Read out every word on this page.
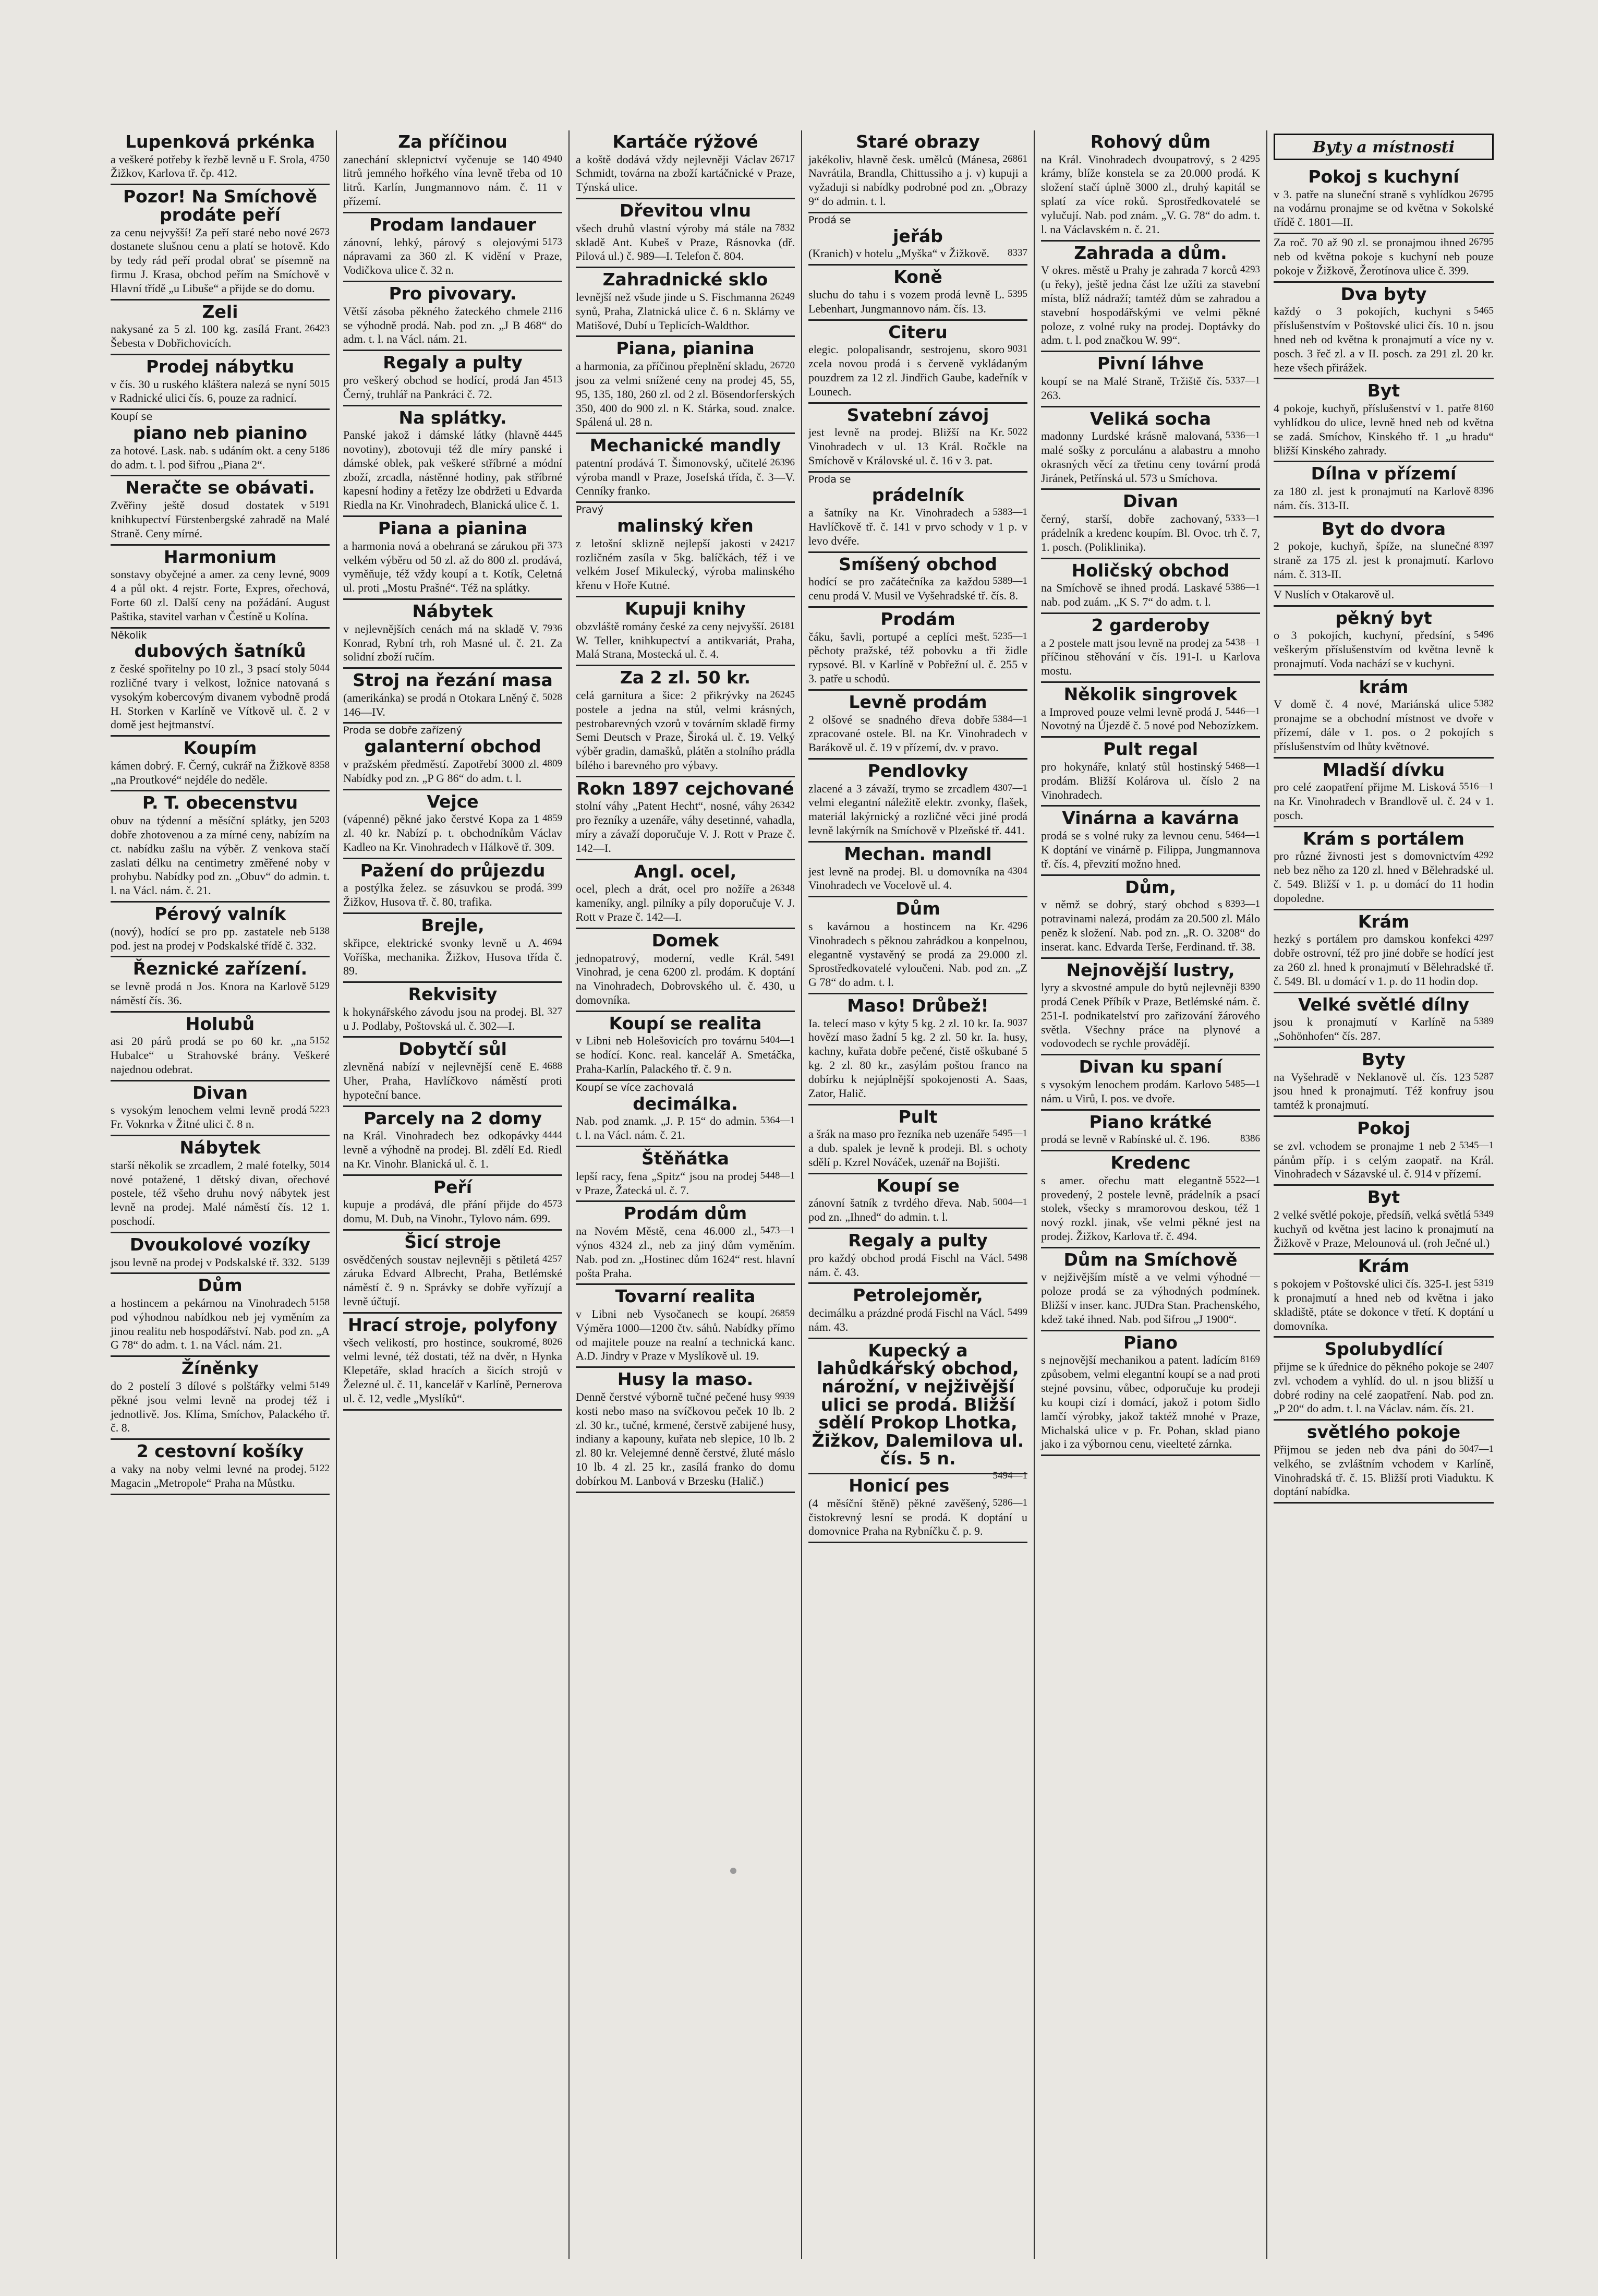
Lupenková prkénka
4750
a veškeré potřeby k řezbě levně u F. Srola, Žižkov, Karlova tř. čp. 412.
Pozor! Na Smíchově prodáte peří
2673
za cenu nejvyšší! Za peří staré nebo nové dostanete slušnou cenu a platí se hotově. Kdo by tedy rád peří prodal obrať se písemně na firmu J. Krasa, obchod peřím na Smíchově v Hlavní třídě „u Libuše“ a přijde se do domu.
Zeli
26423
nakysané za 5 zl. 100 kg. zasílá Frant. Šebesta v Dobřichovicích.
Prodej nábytku
5015
v čís. 30 u ruského kláštera nalezá se nyní v Radnické ulici čís. 6, pouze za radnicí.
Koupí se
piano neb pianino
5186
za hotové. Lask. nab. s udáním okt. a ceny do adm. t. l. pod šifrou „Piana 2“.
Neračte se obávati.
5191
Zvěřiny ještě dosud dostatek v knihkupectví Fürstenbergské zahradě na Malé Straně. Ceny mírné.
Harmonium
9009
sonstavy obyčejné a amer. za ceny levné, 4 a půl okt. 4 rejstr. Forte, Expres, ořechová, Forte 60 zl. Další ceny na požádání. August Paštika, stavitel varhan v Čestíně u Kolína.
Několik
dubových šatníků
5044
z české spořitelny po 10 zl., 3 psací stoly rozličné tvary i velkost, ložnice natovaná s vysokým kobercovým divanem vybodně prodá H. Storken v Karlíně ve Vítkově ul. č. 2 v domě jest hejtmanství.
Koupím
8358
kámen dobrý. F. Černý, cukrář na Žižkově „na Proutkové“ nejdéle do neděle.
P. T. obecenstvu
5203
obuv na týdenní a měsíční splátky, jen dobře zhotovenou a za mírné ceny, nabízím na ct. nabídku zašlu na výběr. Z venkova stačí zaslati délku na centimetry změřené noby v prohybu. Nabídky pod zn. „Obuv“ do admin. t. l. na Václ. nám. č. 21.
Pérový valník
5138
(nový), hodící se pro pp. zastatele neb pod. jest na prodej v Podskalské třídě č. 332.
Řeznické zařízení.
5129
se levně prodá n Jos. Knora na Karlově náměstí čís. 36.
Holubů
5152
asi 20 párů prodá se po 60 kr. „na Hubalce“ u Strahovské brány. Veškeré najednou odebrat.
Divan
5223
s vysokým lenochem velmi levně prodá Fr. Voknrka v Žitné ulici č. 8 n.
Nábytek
5014
starší několik se zrcadlem, 2 malé fotelky, nové potažené, 1 dětský divan, ořechové postele, též všeho druhu nový nábytek jest levně na prodej. Malé náměstí čís. 12 1. poschodí.
Dvoukolové vozíky
5139
jsou levně na prodej v Podskalské tř. 332.
Dům
5158
a hostincem a pekárnou na Vinohradech pod výhodnou nabídkou neb jej vyměním za jinou realitu neb hospodářství. Nab. pod zn. „A G 78“ do adm. t. 1. na Václ. nám. 21.
Žíněnky
5149
do 2 postelí 3 dílové s polštářky velmi pěkné jsou velmi levně na prodej též i jednotlivě. Jos. Klíma, Smíchov, Palackého tř. č. 8.
2 cestovní košíky
5122
a vaky na noby velmi levné na prodej. Magacin „Metropole“ Praha na Můstku.
Za příčinou
4940
zanechání sklepnictví vyčenuje se 140 litrů jemného hořkého vína levně třeba od 10 litrů. Karlín, Jungmannovo nám. č. 11 v přízemí.
Prodam landauer
5173
zánovní, lehký, párový s olejovými nápravami za 360 zl. K vidění v Praze, Vodičkova ulice č. 32 n.
Pro pivovary.
2116
Větší zásoba pěkného žateckého chmele se výhodně prodá. Nab. pod zn. „J B 468“ do adm. t. l. na Václ. nám. 21.
Regaly a pulty
4513
pro veškerý obchod se hodící, prodá Jan Černý, truhlář na Pankráci č. 72.
Na splátky.
4445
Panské jakož i dámské látky (hlavně novotiny), zbotovuji též dle míry panské i dámské oblek, pak veškeré stříbrné a módní zboží, zrcadla, nástěnné hodiny, pak stříbrné kapesní hodiny a řetězy lze obdržeti u Edvarda Riedla na Kr. Vinohradech, Blanická ulice č. 1.
Piana a pianina
373
a harmonia nová a obehraná se zárukou při velkém výběru od 50 zl. až do 800 zl. prodává, vyměňuje, též vždy koupí a t. Kotík, Celetná ul. proti „Mostu Prašné“. Též na splátky.
Nábytek
7936
v nejlevnějších cenách má na skladě V. Konrad, Rybní trh, roh Masné ul. č. 21. Za solidní zboží ručím.
Stroj na řezání masa
5028
(amerikánka) se prodá n Otokara Lněný č. 146—IV.
Proda se dobře zařízený
galanterní obchod
4809
v pražském předměstí. Zapotřebí 3000 zl. Nabídky pod zn. „P G 86“ do adm. t. l.
Vejce
4859
(vápenné) pěkné jako čerstvé Kopa za 1 zl. 40 kr. Nabízí p. t. obchodníkům Václav Kadleo na Kr. Vinohradech v Hálkově tř. 309.
Pažení do průjezdu
399
a postýlka želez. se zásuvkou se prodá. Žižkov, Husova tř. č. 80, trafika.
Brejle,
4694
skřipce, elektrické svonky levně u A. Voříška, mechanika. Žižkov, Husova třída č. 89.
Rekvisity
327
k hokynářského závodu jsou na prodej. Bl. u J. Podlaby, Poštovská ul. č. 302—I.
Dobytčí sůl
4688
zlevněná nabízí v nejlevnější ceně E. Uher, Praha, Havlíčkovo náměstí proti hypoteční bance.
Parcely na 2 domy
4444
na Král. Vinohradech bez odkopávky levně a výhodně na prodej. Bl. zdělí Ed. Riedl na Kr. Vinohr. Blanická ul. č. 1.
Peří
4573
kupuje a prodává, dle přání přijde do domu, M. Dub, na Vinohr., Tylovo nám. 699.
Šicí stroje
4257
osvědčených soustav nejlevněji s pětiletá záruka Edvard Albrecht, Praha, Betlémské náměstí č. 9 n. Správky se dobře vyřízují a levně účtují.
Hrací stroje, polyfony
8026
všech velikostí, pro hostince, soukromé, velmi levné, též dostati, též na dvěr, n Hynka Klepetáře, sklad hracích a šicích strojů v Železné ul. č. 11, kancelář v Karlíně, Pernerova ul. č. 12, vedle „Myslíků“.
Kartáče rýžové
26717
a koště dodává vždy nejlevněji Václav Schmidt, továrna na zboží kartáčnické v Praze, Týnská ulice.
Dřevitou vlnu
7832
všech druhů vlastní výroby má stále na skladě Ant. Kubeš v Praze, Rásnovka (dř. Pilová ul.) č. 989—I. Telefon č. 804.
Zahradnické sklo
26249
levnější než všude jinde u S. Fischmanna synů, Praha, Zlatnická ulice č. 6 n. Sklárny ve Matišové, Dubí u Teplicích-Waldthor.
Piana, pianina
26720
a harmonia, za příčinou přeplnění skladu, jsou za velmi snížené ceny na prodej 45, 55, 95, 135, 180, 260 zl. od 2 zl. Bösendorferských 350, 400 do 900 zl. n K. Stárka, soud. znalce. Spálená ul. 28 n.
Mechanické mandly
26396
patentní prodává T. Šimonovský, učitelé výroba mandl v Praze, Josefská třída, č. 3—V. Cenníky franko.
Pravý
malinský křen
24217
z letošní sklizně nejlepší jakosti v rozličném zasíla v 5kg. balíčkách, též i ve velkém Josef Mikulecký, výroba malinského křenu v Hoře Kutné.
Kupuji knihy
26181
obzvláště romány české za ceny nejvyšší. W. Teller, knihkupectví a antikvariát, Praha, Malá Strana, Mostecká ul. č. 4.
Za 2 zl. 50 kr.
26245
celá garnitura a šice: 2 přikrývky na postele a jedna na stůl, velmi krásných, pestrobarevných vzorů v továrním skladě firmy Semi Deutsch v Praze, Široká ul. č. 19. Velký výběr gradin, damašků, plátěn a stolního prádla bílého i barevného pro výbavy.
Rokn 1897 cejchované
26342
stolní váhy „Patent Hecht“, nosné, váhy pro řezníky a uzenáře, váhy desetinné, vahadla, míry a závaží doporučuje V. J. Rott v Praze č. 142—I.
Angl. ocel,
26348
ocel, plech a drát, ocel pro nožíře a kameníky, angl. pilníky a píly doporučuje V. J. Rott v Praze č. 142—I.
Domek
5491
jednopatrový, moderní, vedle Král. Vinohrad, je cena 6200 zl. prodám. K doptání na Vinohradech, Dobrovského ul. č. 430, u domovníka.
Koupí se realita
5404—1
v Libni neb Holešovicích pro továrnu se hodící. Konc. real. kancelář A. Smetáčka, Praha-Karlín, Palackého tř. č. 9 n.
Koupí se více zachovalá
decimálka.
5364—1
Nab. pod znamk. „J. P. 15“ do admin. t. l. na Václ. nám. č. 21.
Štěňátka
5448—1
lepší racy, fena „Spitz“ jsou na prodej v Praze, Žatecká ul. č. 7.
Prodám dům
5473—1
na Novém Městě, cena 46.000 zl., výnos 4324 zl., neb za jiný dům vyměním. Nab. pod zn. „Hostinec dům 1624“ rest. hlavní pošta Praha.
Tovarní realita
26859
v Libni neb Vysočanech se koupí. Výměra 1000—1200 čtv. sáhů. Nabídky přímo od majitele pouze na realní a technická kanc. A.D. Jindry v Praze v Myslíkově ul. 19.
Husy la maso.
9939
Denně čerstvé výborně tučné pečené husy kosti nebo maso na svíčkovou peček 10 lb. 2 zl. 30 kr., tučné, krmené, čerstvě zabijené husy, indiany a kapouny, kuřata neb slepice, 10 lb. 2 zl. 80 kr. Velejemné denně čerstvé, žluté máslo 10 lb. 4 zl. 25 kr., zasílá franko do domu dobírkou M. Lanbová v Brzesku (Halič.)
Staré obrazy
26861
jakékoliv, hlavně česk. umělců (Mánesa, Navrátila, Brandla, Chittussiho a j. v) kupuji a vyžaduji si nabídky podrobné pod zn. „Obrazy 9“ do admin. t. l.
Prodá se
jeřáb
8337
(Kranich) v hotelu „Myška“ v Žižkově.
Koně
5395
sluchu do tahu i s vozem prodá levně L. Lebenhart, Jungmannovo nám. čís. 13.
Citeru
9031
elegic. polopalisandr, sestrojenu, skoro zcela novou prodá i s červeně vykládaným pouzdrem za 12 zl. Jindřich Gaube, kadeřník v Lounech.
Svatební závoj
5022
jest levně na prodej. Bližší na Kr. Vinohradech v ul. 13 Král. Ročkle na Smíchově v Královské ul. č. 16 v 3. pat.
Proda se
prádelník
5383—1
a šatníky na Kr. Vinohradech a Havlíčkově tř. č. 141 v prvo schody v 1 p. v levo dvéře.
Smíšený obchod
5389—1
hodící se pro začátečníka za každou cenu prodá V. Musil ve Vyšehradské tř. čís. 8.
Prodám
5235—1
čáku, šavli, portupé a ceplíci mešt. pěchoty pražské, též pobovku a tři židle rypsové. Bl. v Karlíně v Pobřežní ul. č. 255 v 3. patře u schodů.
Levně prodám
5384—1
2 olšové se snadného dřeva dobře zpracované ostele. Bl. na Kr. Vinohradech v Barákově ul. č. 19 v přízemí, dv. v pravo.
Pendlovky
4307—1
zlacené a 3 závaží, trymo se zrcadlem velmi elegantní náležitě elektr. zvonky, flašek, materiál lakýrnický a rozličné věci jiné prodá levně lakýrník na Smíchově v Plzeňské tř. 441.
Mechan. mandl
4304
jest levně na prodej. Bl. u domovníka na Vinohradech ve Vocelově ul. 4.
Dům
4296
s kavárnou a hostincem na Kr. Vinohradech s pěknou zahrádkou a konpelnou, elegantně vystavěný se prodá za 29.000 zl. Sprostředkovatelé vyloučeni. Nab. pod zn. „Z G 78“ do adm. t. l.
Maso! Drůbež!
9037
Ia. telecí maso v kýty 5 kg. 2 zl. 10 kr. Ia. hovězí maso žadní 5 kg. 2 zl. 50 kr. Ia. husy, kachny, kuřata dobře pečené, čistě oškubané 5 kg. 2 zl. 80 kr., zasýlám poštou franco na dobírku k nejúplnější spokojenosti A. Saas, Zator, Halič.
Pult
5495—1
a šrák na maso pro řezníka neb uzenáře a dub. spalek je levně k prodeji. Bl. s ochoty sdělí p. Kzrel Nováček, uzenář na Bojišti.
Koupí se
5004—1
zánovní šatník z tvrdého dřeva. Nab. pod zn. „Ihned“ do admin. t. l.
Regaly a pulty
5498
pro každý obchod prodá Fischl na Václ. nám. č. 43.
Petrolejoměr,
5499
decimálku a prázdné prodá Fischl na Václ. nám. 43.
Kupecký a lahůdkářský obchod, nárožní, v nejživější ulici se prodá. Bližší sdělí Prokop Lhotka, Žižkov, Dalemilova ul. čís. 5 n.
5494—1
Honicí pes
5286—1
(4 měsíční štěně) pěkné zavěšený, čistokrevný lesní se prodá. K doptání u domovnice Praha na Rybníčku č. p. 9.
Rohový dům
4295
na Král. Vinohradech dvoupatrový, s 2 krámy, blíže konstela se za 20.000 prodá. K složení stačí úplně 3000 zl., druhý kapitál se splatí za více roků. Sprostředkovatelé se vylučují. Nab. pod znám. „V. G. 78“ do adm. t. l. na Václavském n. č. 21.
Zahrada a dům.
4293
V okres. městě u Prahy je zahrada 7 korců (u řeky), ještě jedna část lze užíti za stavební místa, blíž nádraží; tamtéž dům se zahradou a stavební hospodářskými ve velmi pěkné poloze, z volné ruky na prodej. Doptávky do adm. t. l. pod značkou W. 99“.
Pivní láhve
5337—1
koupí se na Malé Straně, Tržiště čís. 263.
Veliká socha
5336—1
madonny Lurdské krásně malovaná, malé sošky z porculánu a alabastru a mnoho okrasných věcí za třetinu ceny tovární prodá Jiránek, Petřínská ul. 573 u Smíchova.
Divan
5333—1
černý, starší, dobře zachovaný, prádelník a kredenc koupím. Bl. Ovoc. trh č. 7, 1. posch. (Poliklinika).
Holičský obchod
5386—1
na Smíchově se ihned prodá. Laskavé nab. pod zuám. „K S. 7“ do adm. t. l.
2 garderoby
5438—1
a 2 postele matt jsou levně na prodej za příčinou stěhování v čís. 191-I. u Karlova mostu.
Několik singrovek
5446—1
a Improved pouze velmi levně prodá J. Novotný na Újezdě č. 5 nové pod Nebozízkem.
Pult regal
5468—1
pro hokynáře, knlatý stůl hostinský prodám. Bližší Kolárova ul. číslo 2 na Vinohradech.
Vinárna a kavárna
5464—1
prodá se s volné ruky za levnou cenu. K doptání ve vinárně p. Filippa, Jungmannova tř. čís. 4, převzití možno hned.
Dům,
8393—1
v němž se dobrý, starý obchod s potravinami nalezá, prodám za 20.500 zl. Málo peněz k složení. Nab. pod zn. „R. O. 3208“ do inserat. kanc. Edvarda Terše, Ferdinand. tř. 38.
Nejnovější lustry,
8390
lyry a skvostné ampule do bytů nejlevněji prodá Cenek Příbík v Praze, Betlémské nám. č. 251-I. podnikatelství pro zařizování žárového světla. Všechny práce na plynové a vodovodech se rychle provádějí.
Divan ku spaní
5485—1
s vysokým lenochem prodám. Karlovo nám. u Virů, I. pos. ve dvoře.
Piano krátké
8386
prodá se levně v Rabínské ul. č. 196.
Kredenc
5522—1
s amer. ořechu matt elegantně provedený, 2 postele levně, prádelník a psací stolek, všecky s mramorovou deskou, též 1 nový rozkl. jinak, vše velmi pěkné jest na prodej. Žižkov, Karlova tř. č. 494.
Dům na Smíchově
—
v nejživějším místě a ve velmi výhodné poloze prodá se za výhodných podmínek. Bližší v inser. kanc. JUDra Stan. Prachenského, kdež také ihned. Nab. pod šifrou „J 1900“.
Piano
8169
s nejnovější mechanikou a patent. ladícím způsobem, velmi elegantní koupí se a nad proti stejné povsinu, vůbec, odporučuje ku prodeji ku koupi cizí i domácí, jakož i potom šidlo lamčí výrobky, jakož taktéž mnohé v Praze, Michalská ulice v p. Fr. Pohan, sklad piano jako i za výbornou cenu, vieelteté zárnka.
Byty a místnosti
Pokoj s kuchyní
26795
v 3. patře na sluneční straně s vyhlídkou na vodárnu pronajme se od května v Sokolské třídě č. 1801—II.
26795
Za roč. 70 až 90 zl. se pronajmou ihned neb od května pokoje s kuchyní neb pouze pokoje v Žižkově, Žerotínova ulice č. 399.
Dva byty
5465
každý o 3 pokojích, kuchyni s příslušenstvím v Poštovské ulici čís. 10 n. jsou hned neb od května k pronajmutí a více ny v. posch. 3 řeč zl. a v II. posch. za 291 zl. 20 kr. heze všech přirážek.
Byt
8160
4 pokoje, kuchyň, příslušenství v 1. patře vyhlídkou do ulice, levně hned neb od května se zadá. Smíchov, Kinského tř. 1 „u hradu“ bližší Kinského zahrady.
Dílna v přízemí
8396
za 180 zl. jest k pronajmutí na Karlově nám. čís. 313-II.
Byt do dvora
8397
2 pokoje, kuchyň, špíže, na slunečné straně za 175 zl. jest k pronajmutí. Karlovo nám. č. 313-II.
V Nuslích v Otakarově ul.
pěkný byt
5496
o 3 pokojích, kuchyní, předsíní, s veškerým příslušenstvím od května levně k pronajmutí. Voda nachází se v kuchyni.
krám
5382
V domě č. 4 nové, Mariánská ulice pronajme se a obchodní místnost ve dvoře v přízemí, dále v 1. pos. o 2 pokojích s příslušenstvím od lhůty květnové.
Mladší dívku
5516—1
pro celé zaopatření přijme M. Lisková na Kr. Vinohradech v Brandlově ul. č. 24 v 1. posch.
Krám s portálem
4292
pro různé živnosti jest s domovnictvím neb bez něho za 120 zl. hned v Bělehradské ul. č. 549. Bližší v 1. p. u domácí do 11 hodin dopoledne.
Krám
4297
hezký s portálem pro damskou konfekci dobře ostrovní, též pro jiné dobře se hodící jest za 260 zl. hned k pronajmutí v Bělehradské tř. č. 549. Bl. u domácí v 1. p. do 11 hodin dop.
Velké světlé dílny
5389
jsou k pronajmutí v Karlíně na „Sohönhofen“ čís. 287.
Byty
5287
na Vyšehradě v Neklanově ul. čís. 123 jsou hned k pronajmutí. Též konfruy jsou tamtéž k pronajmutí.
Pokoj
5345—1
se zvl. vchodem se pronajme 1 neb 2 pánům příp. i s celým zaopatř. na Král. Vinohradech v Sázavské ul. č. 914 v přízemí.
Byt
5349
2 velké světlé pokoje, předsíň, velká světlá kuchyň od května jest lacino k pronajmutí na Žižkově v Praze, Melounová ul. (roh Ječné ul.)
Krám
5319
s pokojem v Poštovské ulici čís. 325-I. jest k pronajmutí a hned neb od května i jako skladiště, ptáte se dokonce v třetí. K doptání u domovníka.
Spolubydlící
2407
přijme se k úřednice do pěkného pokoje se zvl. vchodem a vyhlíd. do ul. n jsou bližší u dobré rodiny na celé zaopatření. Nab. pod zn. „P 20“ do adm. t. l. na Václav. nám. čís. 21.
světlého pokoje
5047—1
Přijmou se jeden neb dva páni do velkého, se zvláštním vchodem v Karlíně, Vinohradská tř. č. 15. Bližší proti Viaduktu. K doptání nabídka.
